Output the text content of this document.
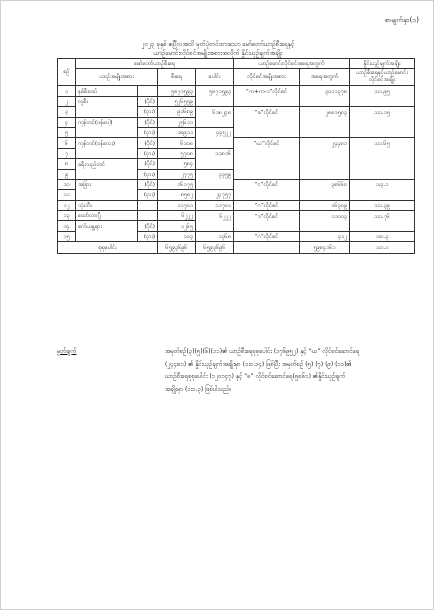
စာမျက်နှာ(၁)
၂၀၂၃ ခုနှစ် ဧပြီလအထိ မှတ်ပုံတင်ထားသော မော်တော်ယာဉ်စီးရေနှင့်
ယာဉ်မောင်းလိုင်စင်အမျိုးအစားအလိုက် နှိုင်းယှဉ်ချက်အချိုး
စဉ်	မော်တော်ယာဉ်စီးရေ				ယာဉ်မောင်းလိုင်စင်အရေအတွက်		နှိုင်းယှဉ်ချက်အချိုး
	ယာဉ်အမျိုးအစား		စီးရေ	ပေါင်း	လိုင်စင်အမျိုးအစား	အရေအတွက်	ယာဉ်စီးရေနှင့်ယာဉ်မောင်းလိုင်စင်အချိုး
၁	နစ်စီးတပ်		၅၈၇၁၅၉၃	၅၈၇၁၅၉၃	“က+က-၁”လိုင်စင်	၃၀၁၁၃၇၈	၁း၁.၉၅
၂	လူစီး	(ပိုင်)	၅၂၆၅၅၉				
၃		(ငှား)	၉၁၆၈၉	၆၁၈၂၄၈	“ခ”လိုင်စင်	၂၈၈၁၅၈၃	၁း၁.၁၅
၄	ကုန်တင်(ဝန်ပေါ့)	(ပိုင်)	၂၅၆၁၁				
၅		(ငှား)	၁၈၉၁၁	၄၄၅၂၂			
၆	ကုန်တင်(ဝန်လေး)	(ပိုင်)	၆၁၀၈		“ဃ”လိုင်စင်	၂၄၄၈၁	၁း၁.၆၅
၇		(ငှား)	၅၇၀၈	၁၁၈၁၆			
၈	ခရီးသည်တင်	(ပိုင်)	၅၈၄				
၉		(ငှား)	၂၇၇၅	၃၃၅၉			
၁၀	အခြား	(ပိုင်)	၁၆၁၇၅		“င”လိုင်စင်	၃၈၆၆၀	၁း၃.၁
၁၁		(ငှား)	၈၅၈၂	၂၄၇၅၇			
၁၂	သုံးဘီး		၁၁၇၀၁	၁၁၇၀၁	“ဂ”လိုင်စင်	၁၆၃၀၉	၁း၁.၃၉
၁၃	ထော်လာဂျီ		၆၂၂၂	၆၂၂၂	“ဒ”လိုင်စင်	၁၁၀၀၃	၁း၁.၇၆
၁၄	စက်ယန္တရား	(ပိုင်)	၁၂၆၅				
၁၅		(ငှား)	၁၀၃	၁၃၆၈	“ဂ”လိုင်စင်	၄၁၂	၁း၀.၃
စုစုပေါင်း			၆၅၉၃၆၉၆	၆၅၉၃၆၉၆		၅၉၈၄၁၆၁	၁း၁.၁
မှတ်ချက်	အမှတ်စဉ်(၃)(၅)(၆)(၁၁)၏ ယာဉ်စီးရေစုစုပေါင်း (၁၇၆၉၅၂) နှင့် “ဃ” လိုင်စင်ဆောင်ရေ

(၂၄၄၈၁) ၏ နှိုင်းယှဉ်ချက်အချိုးမှာ (၁း၀.၁၄) ဖြစ်ပြီး အမှတ်စဉ် (၅) (၇) (၉) (၁၁)၏

ယာဉ်စီးရေစုစုပေါင်း (၁၂၀၁၄၇) နှင့် “ဓ” လိုင်စင်ဆောင်ရေ(၅၈၆၁) ၏နှိုင်းယှဉ်ချက်

အချိုးမှာ (၁း၁.၃) ဖြစ်ပါသည်။
